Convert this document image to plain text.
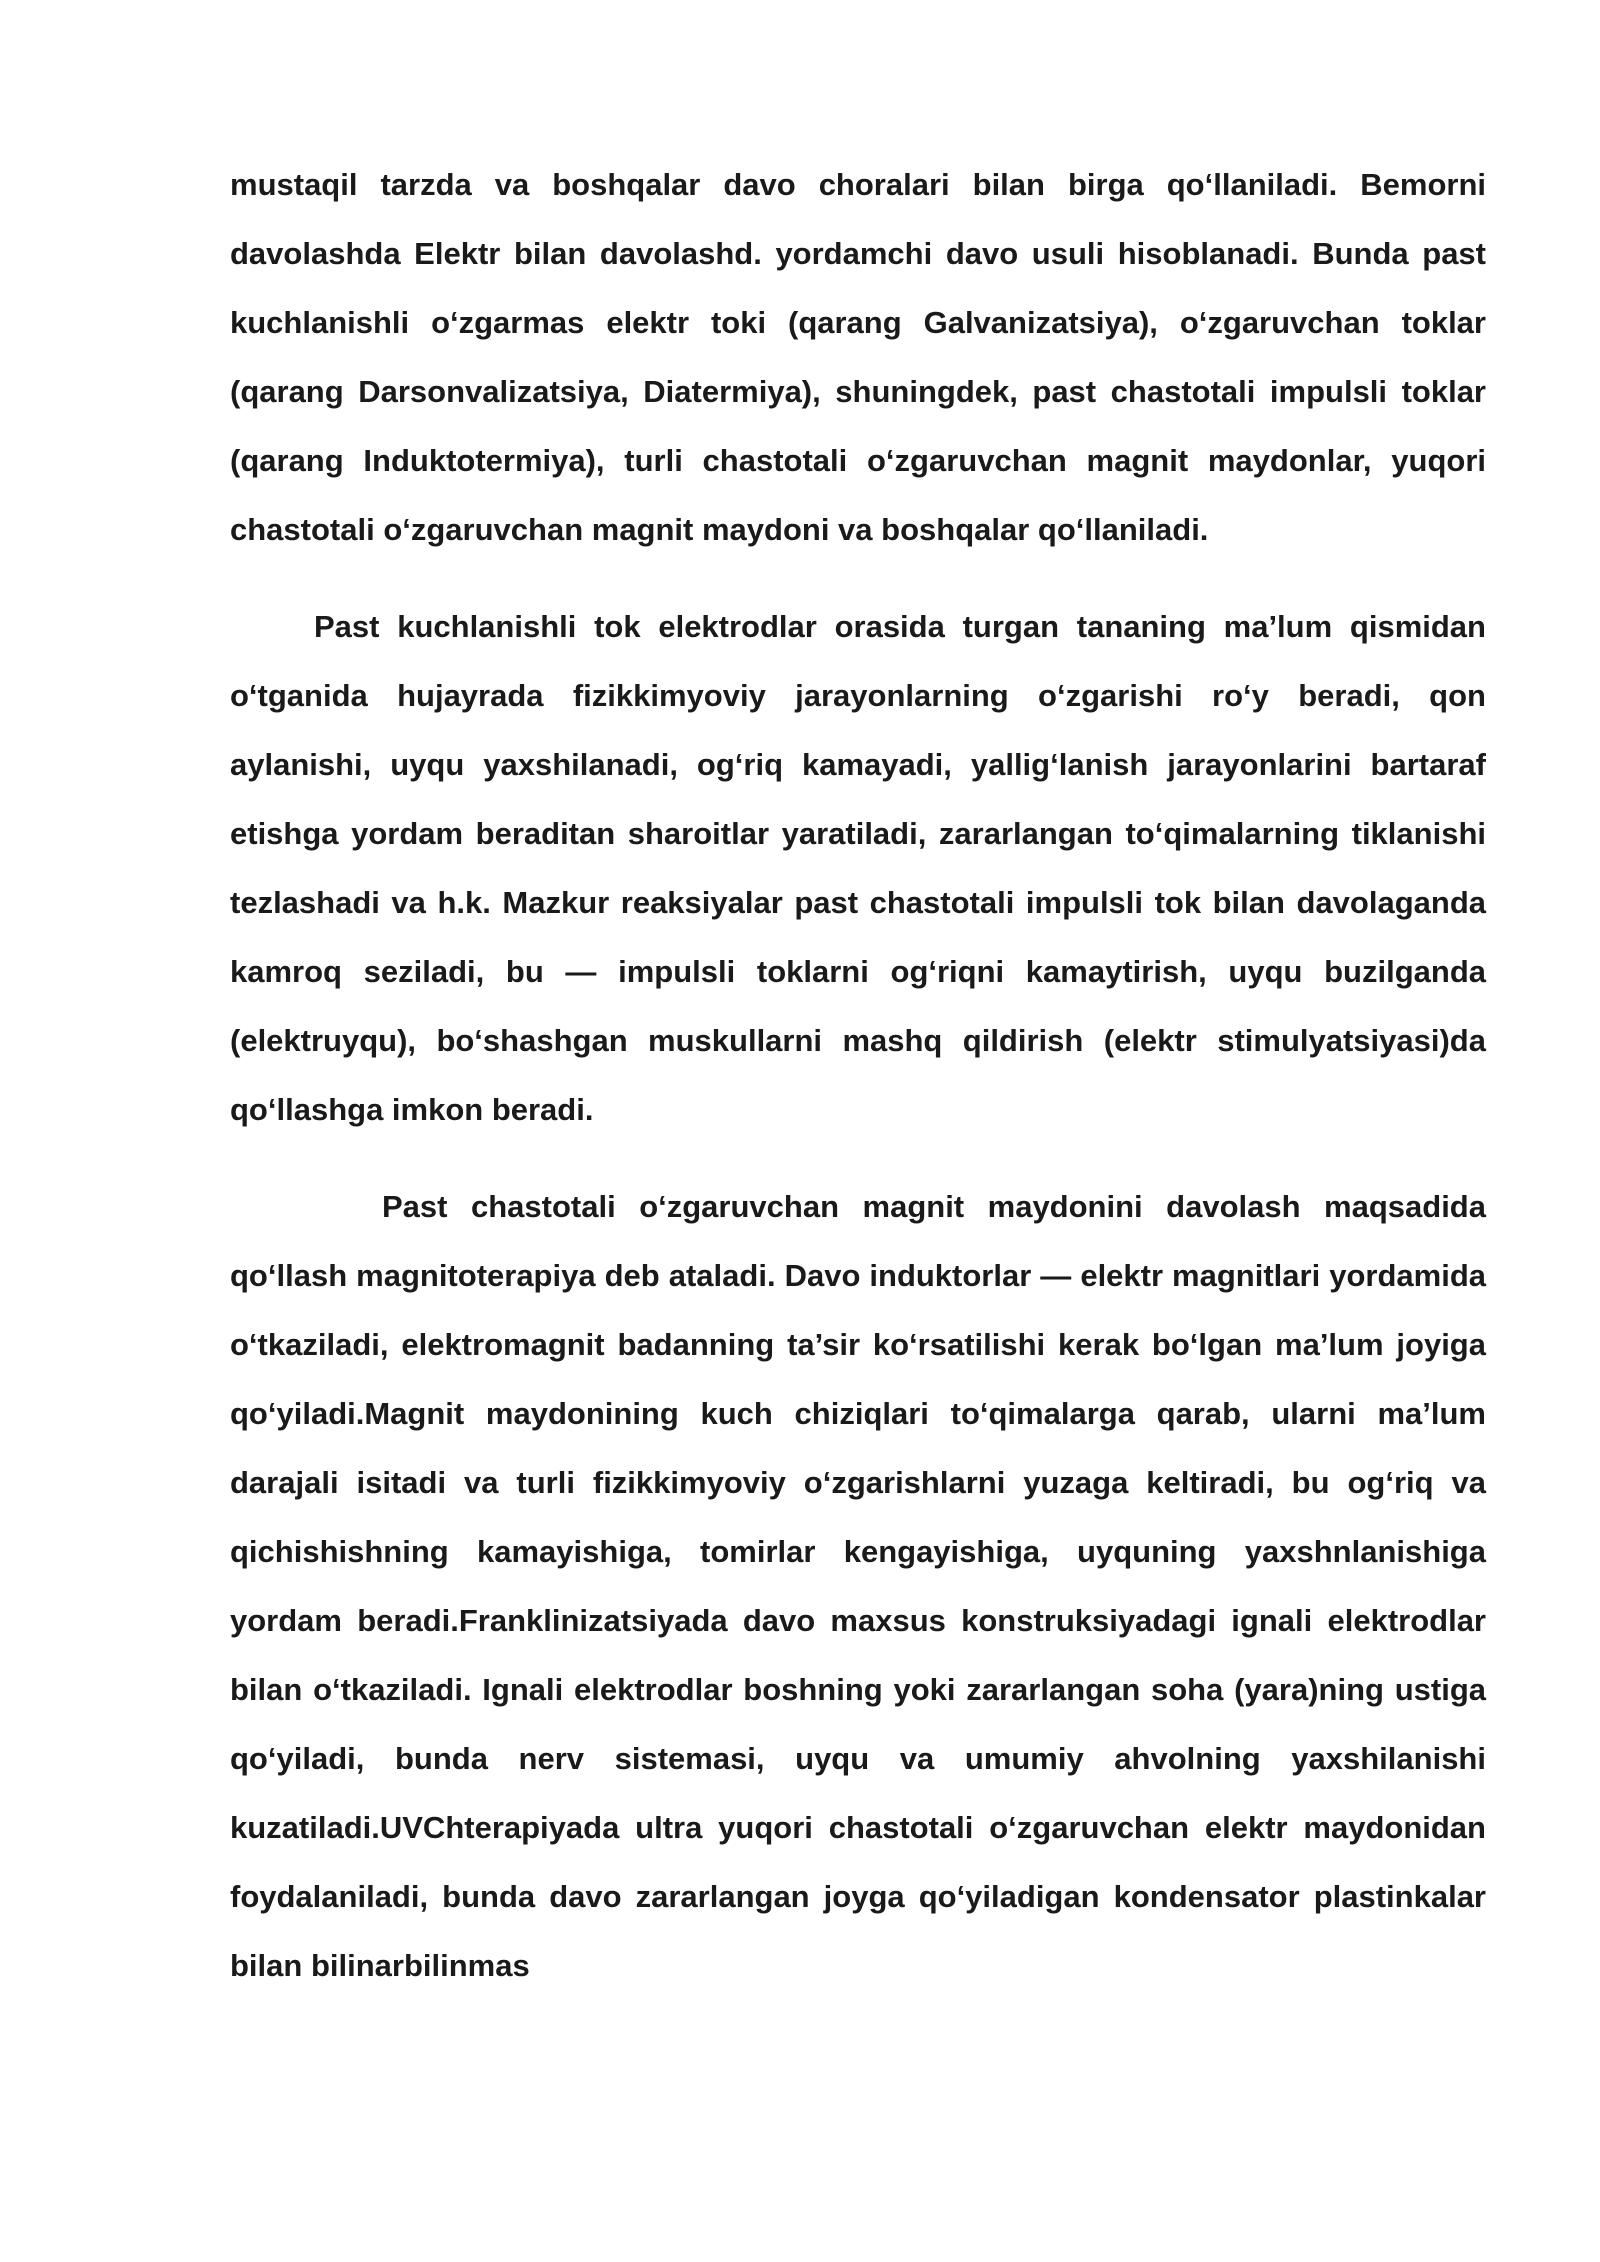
mustaqil tarzda va boshqalar davo choralari bilan birga qo‘llaniladi. Bemorni davolashda Elektr bilan davolashd. yordamchi davo usuli hisoblanadi. Bunda past kuchlanishli o‘zgarmas elektr toki (qarang Galvanizatsiya), o‘zgaruvchan toklar (qarang Darsonvalizatsiya, Diatermiya), shuningdek, past chastotali impulsli toklar (qarang Induktotermiya), turli chastotali o‘zgaruvchan magnit maydonlar, yuqori chastotali o‘zgaruvchan magnit maydoni va boshqalar qo‘llaniladi.

Past kuchlanishli tok elektrodlar orasida turgan tananing ma’lum qismidan o‘tganida hujayrada fizikkimyoviy jarayonlarning o‘zgarishi ro‘y beradi, qon aylanishi, uyqu yaxshilanadi, og‘riq kamayadi, yallig‘lanish jarayonlarini bartaraf etishga yordam beraditan sharoitlar yaratiladi, zararlangan to‘qimalarning tiklanishi tezlashadi va h.k. Mazkur reaksiyalar past chastotali impulsli tok bilan davolaganda kamroq seziladi, bu — impulsli toklarni og‘riqni kamaytirish, uyqu buzilganda (elektruyqu), bo‘shashgan muskullarni mashq qildirish (elektr stimulyatsiyasi)da qo‘llashga imkon beradi.

Past chastotali o‘zgaruvchan magnit maydonini davolash maqsadida qo‘llash magnitoterapiya deb ataladi. Davo induktorlar — elektr magnitlari yordamida o‘tkaziladi, elektromagnit badanning ta’sir ko‘rsatilishi kerak bo‘lgan ma’lum joyiga qo‘yiladi.Magnit maydonining kuch chiziqlari to‘qimalarga qarab, ularni ma’lum darajali isitadi va turli fizikkimyoviy o‘zgarishlarni yuzaga keltiradi, bu og‘riq va qichishishning kamayishiga, tomirlar kengayishiga, uyquning yaxshnlanishiga yordam beradi.Franklinizatsiyada davo maxsus konstruksiyadagi ignali elektrodlar bilan o‘tkaziladi. Ignali elektrodlar boshning yoki zararlangan soha (yara)ning ustiga qo‘yiladi, bunda nerv sistemasi, uyqu va umumiy ahvolning yaxshilanishi kuzatiladi.UVChterapiyada ultra yuqori chastotali o‘zgaruvchan elektr maydonidan foydalaniladi, bunda davo zararlangan joyga qo‘yiladigan kondensator plastinkalar bilan bilinarbilinmas
